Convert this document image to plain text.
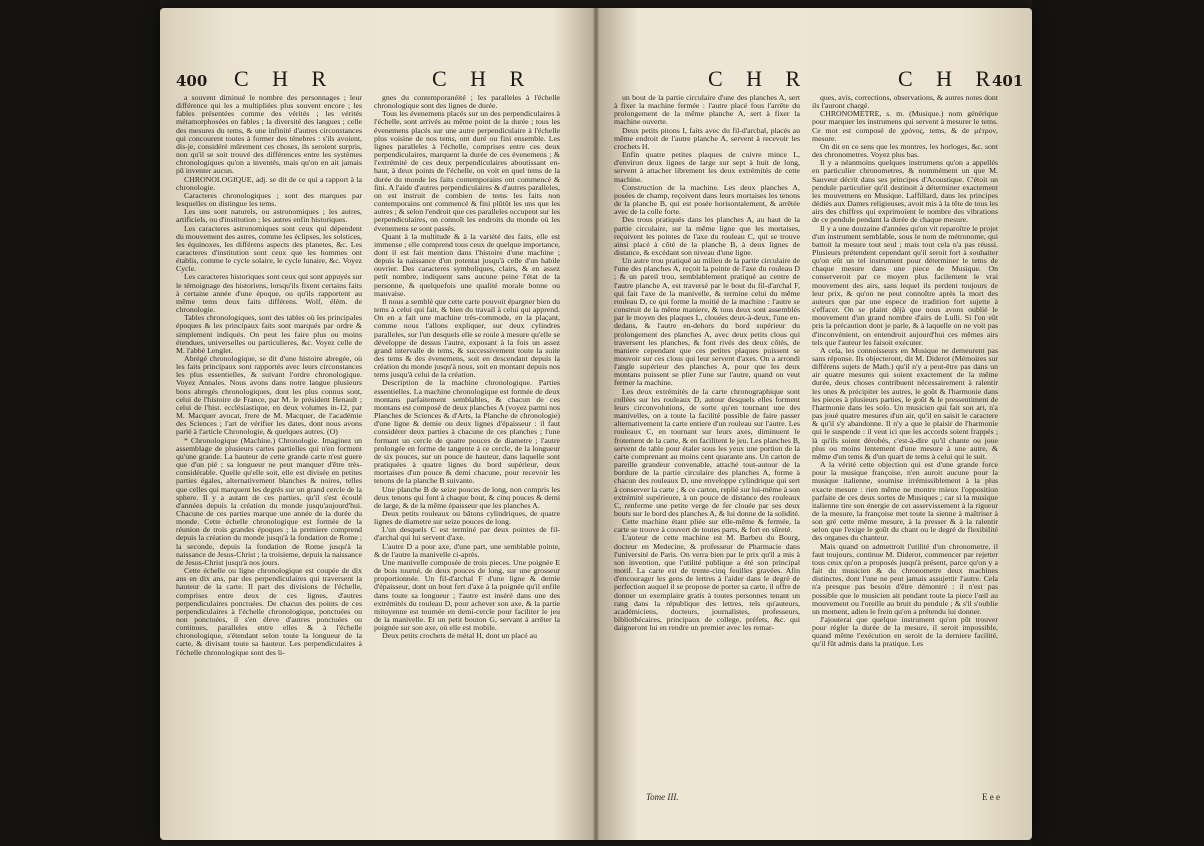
400 C H R	C H R

a souvent diminué le nombre des personnages ; leur différence qui les a multipliées plus souvent encore ; les fables présentées comme des vérités ; les vérités métamorphosées en fables ; la diversité des langues ; celle des mesures du tems, & une infinité d'autres circonstances qui concourent toutes à former des ténebres : s'ils avoient, dis-je, considéré mûrement ces choses, ils seroient surpris, non qu'il se soit trouvé des différences entre les systèmes chronologiques qu'on a inventés, mais qu'on en ait jamais pû inventer aucun.

CHRONOLOGIQUE, adj. se dit de ce qui a rapport à la chronologie.

Caracteres chronologiques ; sont des marques par lesquelles on distingue les tems.

Les uns sont naturels, ou astronomiques ; les autres, artificiels, ou d'institution ; les autres enfin historiques.

Les caracteres astronomiques sont ceux qui dépendent du mouvement des astres, comme les éclipses, les solstices, les équinoxes, les différens aspects des planetes, &c. Les caracteres d'institution sont ceux que les hommes ont établis, comme le cycle solaire, le cycle lunaire, &c. Voyez Cycle.

Les caracteres historiques sont ceux qui sont appuyés sur le témoignage des historiens, lorsqu'ils fixent certains faits à certaine année d'une époque, ou qu'ils rapportent au même tems deux faits différens. Wolf, élém. de chronologie.

Tables chronologiques, sont des tables où les principales époques & les principaux faits sont marqués par ordre & simplement indiqués. On peut les faire plus ou moins étendues, universelles ou particulieres, &c. Voyez celle de M. l'abbé Lenglet.

Abrégé chronologique, se dit d'une histoire abregée, où les faits principaux sont rapportés avec leurs circonstances les plus essentielles, & suivant l'ordre chronologique. Voyez Annales. Nous avons dans notre langue plusieurs bons abregés chronologiques, dont les plus connus sont, celui de l'histoire de France, par M. le président Henault ; celui de l'hist. ecclésiastique, en deux volumes in-12, par M. Macquer avocat, frere de M. Macquer, de l'académie des Sciences ; l'art de vérifier les dates, dont nous avons parlé à l'article Chronologie, & quelques autres. (O)

* Chronologique (Machine.) Chronologie. Imaginez un assemblage de plusieurs cartes partielles qui n'en forment qu'une grande. La hauteur de cette grande carte n'est guere que d'un pié ; sa longueur ne peut manquer d'être très-considérable. Quelle qu'elle soit, elle est divisée en petites parties égales, alternativement blanches & noires, telles que celles qui marquent les degrés sur un grand cercle de la sphere. Il y a autant de ces parties, qu'il s'est écoulé d'années depuis la création du monde jusqu'aujourd'hui. Chacune de ces parties marque une année de la durée du monde. Cette échelle chronologique est formée de la réunion de trois grandes époques ; la premiere comprend depuis la création du monde jusqu'à la fondation de Rome ; la seconde, depuis la fondation de Rome jusqu'à la naissance de Jesus-Christ ; la troisieme, depuis la naissance de Jesus-Christ jusqu'à nos jours.

Cette échelle ou ligne chronologique est coupée de dix ans en dix ans, par des perpendiculaires qui traversent la hauteur de la carte. Il part des divisions de l'échelle, comprises entre deux de ces lignes, d'autres perpendiculaires ponctuées. De chacun des points de ces perpendiculaires à l'échelle chronologique, ponctuées ou non ponctuées, il s'en éleve d'autres ponctuées ou continues, paralleles entre elles & à l'échelle chronologique, s'étendant selon toute la longueur de la carte, & divisant toute sa hauteur. Les perpendiculaires à l'échelle chronologique sont des li-

gnes du contemporanéité ; les paralleles à l'échelle chronologique sont des lignes de durée.

Tous les évenemens placés sur un des perpendiculaires à l'échelle, sont arrivés au même point de la durée ; tous les évenemens placés sur une autre perpendiculaire à l'échelle plus voisine de nos tems, ont duré ou fini ensemble. Les lignes paralleles à l'échelle, comprises entre ces deux perpendiculaires, marquent la durée de ces évenemens ; & l'extrémité de ces deux perpendiculaires aboutissant en-haut, à deux points de l'échelle, on voit en quel tems de la durée du monde les faits contemporains ont commencé & fini. A l'aide d'autres perpendiculaires & d'autres paralleles, on est instruit de combien de tems les faits non contemporains ont commencé & fini plûtôt les uns que les autres ; & selon l'endroit que ces paralleles occupent sur les perpendiculaires, on connoît les endroits du monde où les évenemens se sont passés.

Quant à la multitude & à la variété des faits, elle est immense ; elle comprend tous ceux de quelque importance, dont il est fait mention dans l'histoire d'une machine ; depuis la naissance d'un potentat jusqu'à celle d'un habile ouvrier. Des caracteres symboliques, clairs, & en assez petit nombre, indiquent sans aucune peine l'état de la personne, & quelquefois une qualité morale bonne ou mauvaise.

Il nous a semblé que cette carte pouvoit épargner bien du tems à celui qui fait, & bien du travail à celui qui apprend. On en a fait une machine très-commode, en la plaçant, comme nous l'allons expliquer, sur deux cylindres paralleles, sur l'un desquels elle se roule à mesure qu'elle se développe de dessus l'autre, exposant à la fois un assez grand intervalle de tems, & successivement toute la suite des tems & des évenemens, soit en descendant depuis la création du monde jusqu'à nous, soit en montant depuis nos tems jusqu'à celui de la création.

Description de la machine chronologique. Parties essentielles. La machine chronologique est formée de deux montans parfaitement semblables, & chacun de ces montans est composé de deux planches A (voyez parmi nos Planches de Sciences & d'Arts, la Planche de chronologie) d'une ligne & demie ou deux lignes d'épaisseur : il faut considérer deux parties à chacune de ces planches ; l'une formant un cercle de quatre pouces de diametre ; l'autre prolongée en forme de tangente à ce cercle, de la longueur de six pouces, sur un pouce de hauteur, dans laquelle sont pratiquées à quatre lignes du bord supérieur, deux mortaises d'un pouce & demi chacune, pour recevoir les tenons de la planche B suivante.

Une planche B de seize pouces de long, non compris les deux tenons qui font à chaque bout, & cinq pouces & demi de large, & de la même épaisseur que les planches A.

Deux petits rouleaux ou bâtons cylindriques, de quatre lignes de diametre sur seize pouces de long.

L'un desquels C est terminé par deux pointes de fil-d'archal qui lui servent d'axe.

L'autre D a pour axe, d'une part, une semblable pointe, & de l'autre la manivelle ci-après.

Une manivelle composée de trois pieces. Une poignée E de bois tourné, de deux pouces de long, sur une grosseur proportionnée. Un fil-d'archal F d'une ligne & demie d'épaisseur, dont un bout fert d'axe à la poignée qu'il enfile dans toute sa longueur ; l'autre est inséré dans une des extrémités du rouleau D, pour achever son axe, & la partie mitoyenne est tournée en demi-cercle pour faciliter le jeu de la manivelle. Et un petit bouton G, servant à arrêter la poignée sur son axe, où elle est mobile.

Deux petits crochets de métal H, dont un placé au

C H R	C H R
401

un bout de la partie circulaire d'une des planches A, sert à fixer la machine fermée : l'autre placé fous l'arrête du prolongement de la même planche A, sert à fixer la machine ouverte.

Deux petits pitons I, faits avec du fil-d'archal, placés au même endroit de l'autre planche A, servent à recevoir les crochets H.

Enfin quatre petites plaques de cuivre mince L, d'environ deux lignes de large sur sept à huit de long, servent à attacher librement les deux extrémités de cette machine.

Construction de la machine. Les deux planches A, posées de champ, reçoivent dans leurs mortaises les tenons de la planche B, qui est posée horisontalement, & arrêtée avec de la colle forte.

Des trous pratiqués dans les planches A, au haut de la partie circulaire, sur la même ligne que les mortaises, reçoivent les pointes de l'axe du rouleau C, qui se trouve ainsi placé à côté de la planche B, à deux lignes de distance, & excédant son niveau d'une ligne.

Un autre trou pratiqué au milieu de la partie circulaire de l'une des planches A, reçoit la pointe de l'axe du rouleau D ; & un pareil trou, semblablement pratiqué au centre de l'autre planche A, est traversé par le bout du fil-d'archal F, qui fait l'axe de la manivelle, & termine celui du même rouleau D, ce qui forme la moitié de la machine : l'autre se construit de la même maniere, & tous deux sont assemblés par le moyen des plaques L, clouées deux-à-deux, l'une en-dedans, & l'autre en-dehors du bord supérieur du prolongement des planches A, avec deux petits clous qui traversent les planches, & font rivés des deux côtés, de maniere cependant que ces petites plaques puissent se mouvoir sur ces clous qui leur servent d'axes. On a arrondi l'angle supérieur des planches A, pour que les deux montans puissent se plier l'une sur l'autre, quand on veut fermer la machine.

Les deux extrémités de la carte chronographique sont collées sur les rouleaux D, autour desquels elles forment leurs circonvolutions, de sorte qu'en tournant une des manivelles, on a toute la facilité possible de faire passer alternativement la carte entiere d'un rouleau sur l'autre. Les rouleaux C, en tournant sur leurs axes, diminuent le frotement de la carte, & en facilitent le jeu. Les planches B, servent de table pour étaler sous les yeux une portion de la carte comprenant au moins cent quarante ans. Un carton de pareille grandeur convenable, attaché tout-autour de la bordure de la partie circulaire des planches A, forme à chacun des rouleaux D, une enveloppe cylindrique qui sert à conserver la carte ; & ce carton, replié sur lui-même à son extrémité supérieure, à un pouce de distance des rouleaux C, renferme une petite verge de fer clouée par ses deux bouts sur le bord des planches A, & lui donne de la solidité.

Cette machine étant pliée sur elle-même & fermée, la carte se trouve à couvert de toutes parts, & fort en sûreté.

L'auteur de cette machine est M. Barbeu du Bourg, docteur en Medecine, & professeur de Pharmacie dans l'université de Paris. On verra bien par le prix qu'il a mis à son invention, que l'utilité publique a été son principal motif. La carte est de trente-cinq feuilles gravées. Afin d'encourager les gens de lettres à l'aider dans le degré de perfection auquel il se propose de porter sa carte, il offre de donner un exemplaire gratis à toutes personnes tenant un rang dans la république des lettres, tels qu'auteurs, académiciens, docteurs, journalistes, professeurs, bibliothécaires, principaux de college, préfets, &c. qui daigneront lui en rendre un premier avec les remar-

ques, avis, corrections, observations, & autres notes dont ils l'auront chargé.

CHRONOMETRE, s. m. (Musique.) nom générique pour marquer les instrumens qui servent à mesurer le tems. Ce mot est composé de χρόνος, tems, & de μέτρον, mesure.

On dit en ce sens que les montres, les horloges, &c. sont des chronometres. Voyez plus bas.

Il y a néanmoins quelques instrumens qu'on a appellés en particulier chronometres, & nommément un que M. Sauveur décrit dans ses principes d'Acoustique. C'étoit un pendule particulier qu'il destinoit à déterminer exactement les mouvemens en Musique. Laffillard, dans les principes dédiés aux Dames religieuses, avoit mis à la tête de tous les airs des chiffres qui exprimoient le nombre des vibrations de ce pendule pendant la durée de chaque mesure.

Il y a une douzaine d'années qu'on vit reparoître le projet d'un instrument semblable, sous le nom de métronome, qui battoit la mesure tout seul ; mais tout cela n'a pas réussi. Plusieurs prétendent cependant qu'il seroit fort à souhaiter qu'on eût un tel instrument pour déterminer le tems de chaque mesure dans une piece de Musique. On conserveroit par ce moyen plus facilement le vrai mouvement des airs, sans lequel ils perdent toujours de leur prix, & qu'on ne peut connoître après la mort des auteurs que par une espece de tradition fort sujette à s'effacer. On se plaint déjà que nous avons oublié le mouvement d'un grand nombre d'airs de Lulli. Si l'on eût pris la précaution dont je parle, & à laquelle on ne voit pas d'inconvénient, on entendroit aujourd'hui ces mêmes airs tels que l'auteur les faisoit exécuter.

A cela, les connoisseurs en Musique ne demeurent pas sans réponse. Ils objecteront, dit M. Diderot (Mémoires sur différens sujets de Math.) qu'il n'y a peut-être pas dans un air quatre mesures qui soient exactement de la même durée, deux choses contribuent nécessairement à ralentir les unes & précipiter les autres, le goût & l'harmonie dans les pieces à plusieurs parties, le goût & le pressentiment de l'harmonie dans les solo. Un musicien qui fait son art, n'a pas joué quatre mesures d'un air, qu'il en saisit le caractere & qu'il s'y abandonne. Il n'y a que le plaisir de l'harmonie qui le suspende : il veut ici que les accords soient frappés ; là qu'ils soient dérobés, c'est-à-dire qu'il chante ou joue plus ou moins lentement d'une mesure à une autre, & même d'un tems & d'un quart de tems à celui qui le suit.

A la vérité cette objection qui est d'une grande force pour la musique françoise, n'en auroit aucune pour la musique italienne, soumise irrémissiblement à la plus exacte mesure : rien même ne montre mieux l'opposition parfaite de ces deux sortes de Musiques ; car si la musique italienne tire son énergie de cet asservissement à la rigueur de la mesure, la françoise met toute la sienne à maîtriser à son gré cette même mesure, à la presser & à la ralentir selon que l'exige le goût du chant ou le degré de flexibilité des organes du chanteur.

Mais quand on admettroit l'utilité d'un chronometre, il faut toujours, continue M. Diderot, commencer par rejetter tous ceux qu'on a proposés jusqu'à présent, parce qu'on y a fait du musicien & du chronometre deux machines distinctes, dont l'une ne peut jamais assujettir l'autre. Cela n'a presque pas besoin d'être démontré : il n'est pas possible que le musicien ait pendant toute la piece l'œil au mouvement ou l'oreille au bruit du pendule ; & s'il s'oublie un moment, adieu le frein qu'on a prétendu lui donner.

J'ajouterai que quelque instrument qu'on pût trouver pour régler la durée de la mesure, il seroit impossible, quand même l'exécution en seroit de la derniere facilité, qu'il fût admis dans la pratique. Les

Tome III.	E e e
